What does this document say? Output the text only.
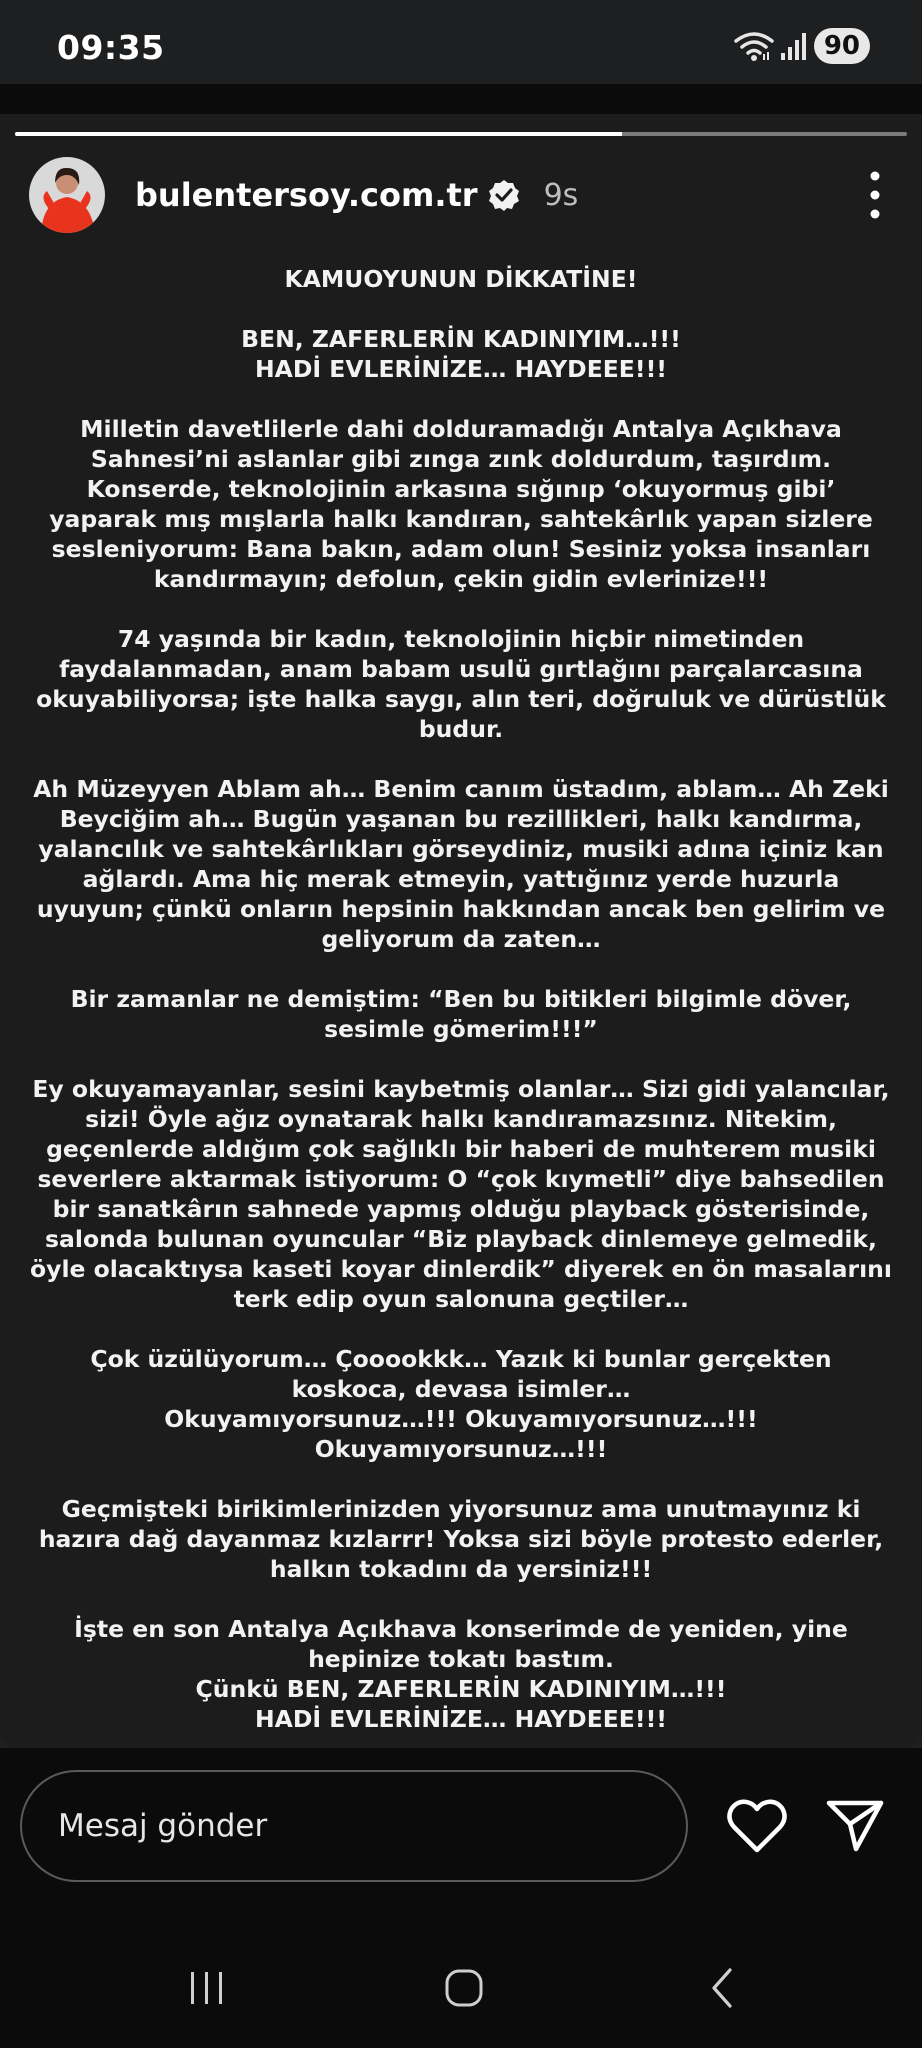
09:35	90
bulentersoy.com.tr 9s

KAMUOYUNUN DİKKATİNE!

BEN, ZAFERLERİN KADINIYIM…!!!
HADİ EVLERİNİZE… HAYDEEE!!!

Milletin davetlilerle dahi dolduramadığı Antalya Açıkhava Sahnesi’ni aslanlar gibi zınga zınk doldurdum, taşırdım. Konserde, teknolojinin arkasına sığınıp ‘okuyormuş gibi’ yaparak mış mışlarla halkı kandıran, sahtekârlık yapan sizlere sesleniyorum: Bana bakın, adam olun! Sesiniz yoksa insanları kandırmayın; defolun, çekin gidin evlerinize!!!

74 yaşında bir kadın, teknolojinin hiçbir nimetinden faydalanmadan, anam babam usulü gırtlağını parçalarcasına okuyabiliyorsa; işte halka saygı, alın teri, doğruluk ve dürüstlük budur.

Ah Müzeyyen Ablam ah… Benim canım üstadım, ablam… Ah Zeki Beyciğim ah… Bugün yaşanan bu rezillikleri, halkı kandırma, yalancılık ve sahtekârlıkları görseydiniz, musiki adına içiniz kan ağlardı. Ama hiç merak etmeyin, yattığınız yerde huzurla uyuyun; çünkü onların hepsinin hakkından ancak ben gelirim ve geliyorum da zaten…

Bir zamanlar ne demiştim: “Ben bu bitikleri bilgimle döver, sesimle gömerim!!!”

Ey okuyamayanlar, sesini kaybetmiş olanlar… Sizi gidi yalancılar, sizi! Öyle ağız oynatarak halkı kandıramazsınız. Nitekim, geçenlerde aldığım çok sağlıklı bir haberi de muhterem musiki severlere aktarmak istiyorum: O “çok kıymetli” diye bahsedilen bir sanatkârın sahnede yapmış olduğu playback gösterisinde, salonda bulunan oyuncular “Biz playback dinlemeye gelmedik, öyle olacaktıysa kaseti koyar dinlerdik” diyerek en ön masalarını terk edip oyun salonuna geçtiler…

Çok üzülüyorum… Çooookkk… Yazık ki bunlar gerçekten koskoca, devasa isimler…
Okuyamıyorsunuz…!!! Okuyamıyorsunuz…!!! Okuyamıyorsunuz…!!!

Geçmişteki birikimlerinizden yiyorsunuz ama unutmayınız ki hazıra dağ dayanmaz kızlarrr! Yoksa sizi böyle protesto ederler, halkın tokadını da yersiniz!!!

İşte en son Antalya Açıkhava konserimde de yeniden, yine hepinize tokatı bastım.
Çünkü BEN, ZAFERLERİN KADINIYIM…!!!
HADİ EVLERİNİZE… HAYDEEE!!!

Mesaj gönder
